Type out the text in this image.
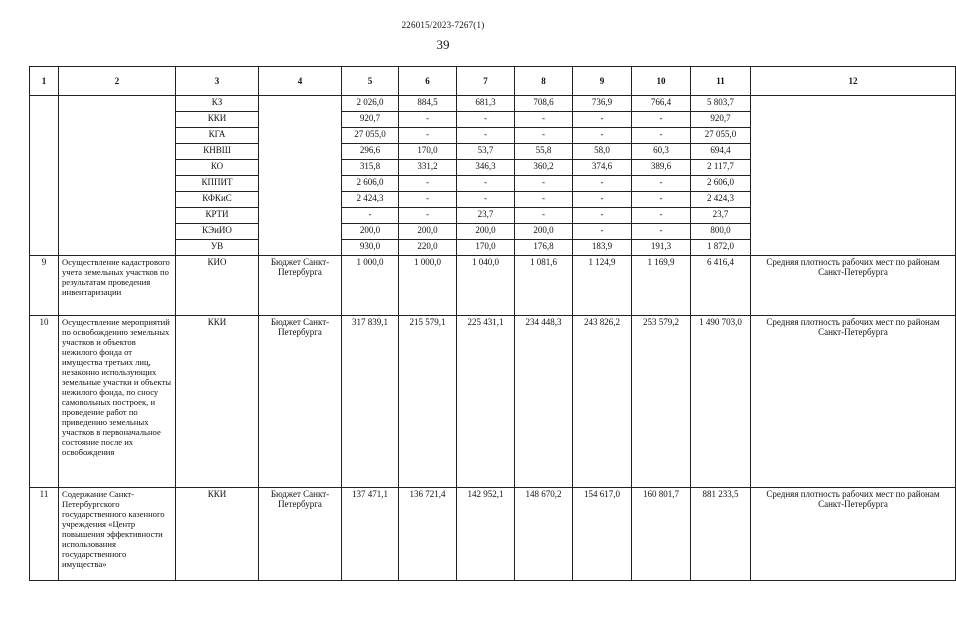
226015/2023-7267(1)
39
1	2	3	4	5	6	7	8	9	10	11	12
		КЗ		2 026,0	884,5	681,3	708,6	736,9	766,4	5 803,7	
		ККИ		920,7	-	-	-	-	-	920,7	
		КГА		27 055,0	-	-	-	-	-	27 055,0	
		КНВШ		296,6	170,0	53,7	55,8	58,0	60,3	694,4	
		КО		315,8	331,2	346,3	360,2	374,6	389,6	2 117,7	
		КППИТ		2 606,0	-	-	-	-	-	2 606,0	
		КФКиС		2 424,3	-	-	-	-	-	2 424,3	
		КРТИ		-	-	23,7	-	-	-	23,7	
		КЭиИО		200,0	200,0	200,0	200,0	-	-	800,0	
		УВ		930,0	220,0	170,0	176,8	183,9	191,3	1 872,0	
9	Осуществление кадастрового учета земельных участков по результатам проведения инвентаризации	КИО	Бюджет Санкт-Петербурга	1 000,0	1 000,0	1 040,0	1 081,6	1 124,9	1 169,9	6 416,4	Средняя плотность рабочих мест по районам Санкт-Петербурга
10	Осуществление мероприятий по освобождению земельных участков и объектов нежилого фонда от имущества третьих лиц, незаконно использующих земельные участки и объекты нежилого фонда, по сносу самовольных построек, и проведение работ по приведению земельных участков в первоначальное состояние после их освобождения	ККИ	Бюджет Санкт-Петербурга	317 839,1	215 579,1	225 431,1	234 448,3	243 826,2	253 579,2	1 490 703,0	Средняя плотность рабочих мест по районам Санкт-Петербурга
11	Содержание Санкт-Петербургского государственного казенного учреждения «Центр повышения эффективности использования государственного имущества»	ККИ	Бюджет Санкт-Петербурга	137 471,1	136 721,4	142 952,1	148 670,2	154 617,0	160 801,7	881 233,5	Средняя плотность рабочих мест по районам Санкт-Петербурга
